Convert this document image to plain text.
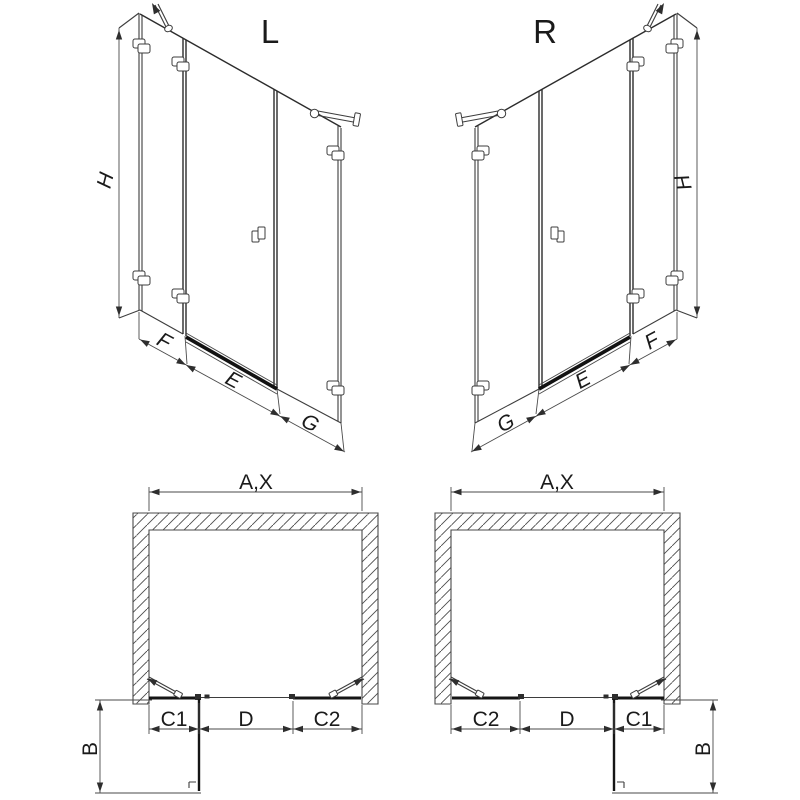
L
H
F
E
G
R
H
G
E
F
A,X
C1 D	C2
B
A,X
C2	D C1
B
